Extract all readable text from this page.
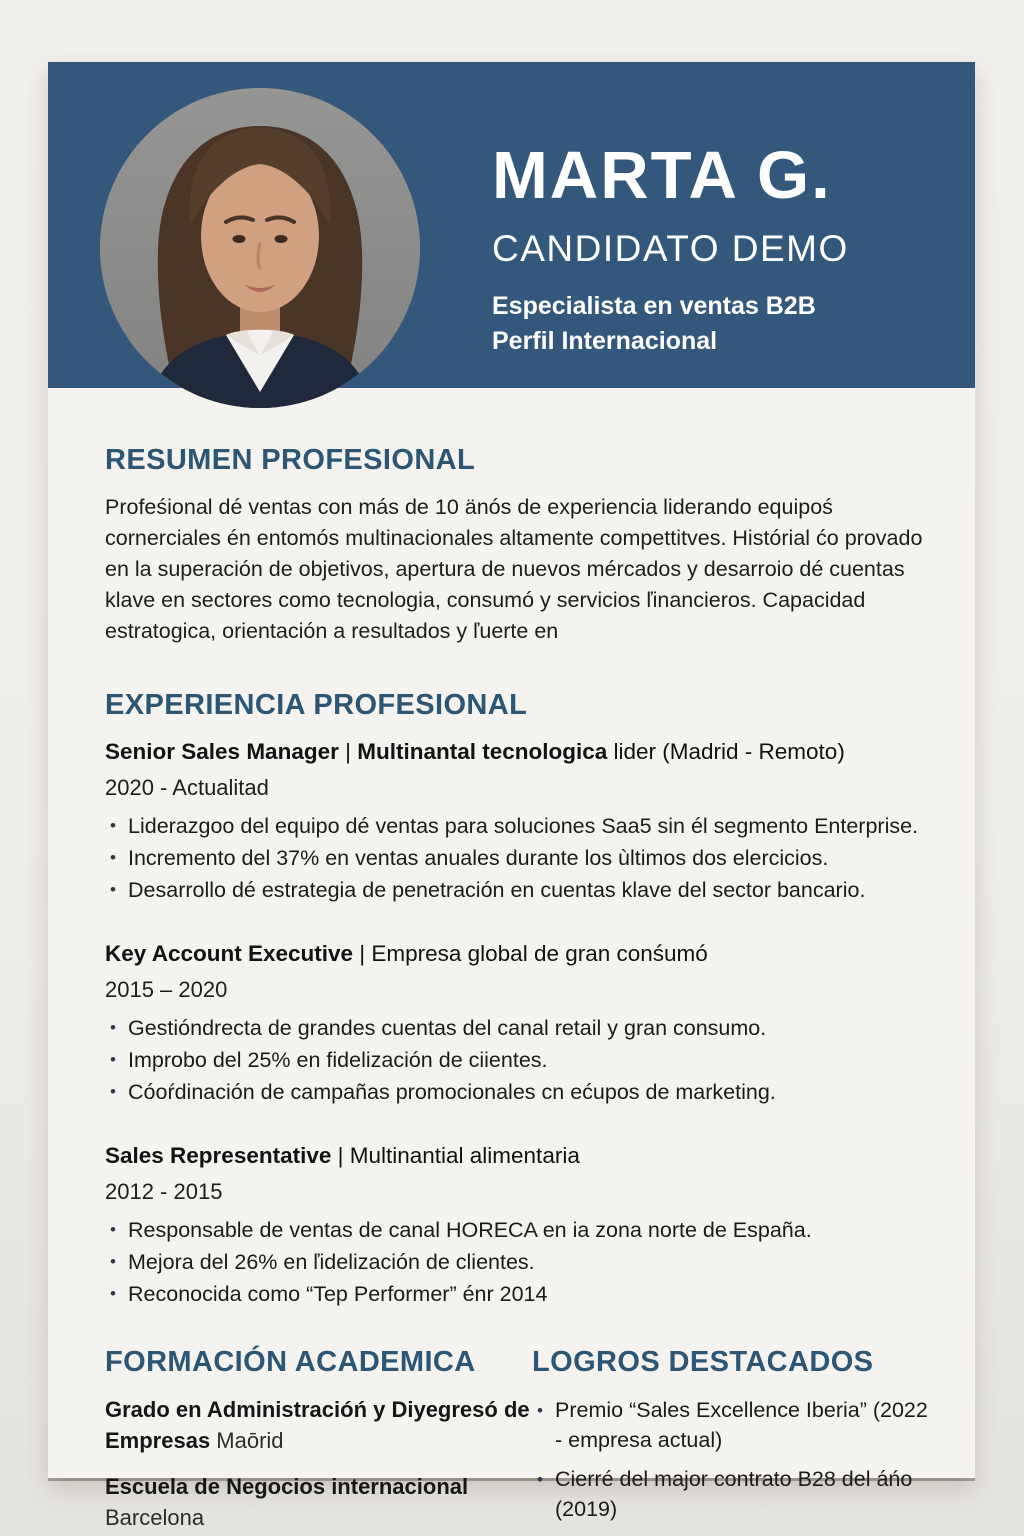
MARTA G.
CANDIDATO DEMO
Especialista en ventas B2B
Perfil Internacional
RESUMEN PROFESIONAL
Profeśional dé ventas con más de 10 änós de experiencia liderando equipoś cornerciales én entomós multinacionales altamente compettitves. Histórial ćo provado en la superación de objetivos, apertura de nuevos mércados y desarroio dé cuentas klave en sectores como tecnologia, consumó y servicios ľinancieros. Capacidad estratogica, orientación a resultados y ľuerte en
EXPERIENCIA PROFESIONAL
Senior Sales Manager | Multinantal tecnologica lider (Madrid - Remoto)
2020 - Actualitad
• Liderazgoo del equipo dé ventas para soluciones Saa5 sin él segmento Enterprise.
• Incremento del 37% en ventas anuales durante los ùltimos dos elercicios.
• Desarrollo dé estrategia de penetración en cuentas klave del sector bancario.
Key Account Executive | Empresa global de gran conśumó
2015 – 2020
• Gestióndrecta de grandes cuentas del canal retail y gran consumo.
• Improbo del 25% en fidelización de ciientes.
• Cóoŕdinación de campañas promocionales cn ećupos de marketing.
Sales Representative | Multinantial alimentaria
2012 - 2015
• Responsable de ventas de canal HORECA en ia zona norte de España.
• Mejora del 26% en ľidelización de clientes.
• Reconocida como “Tep Performer” énr 2014
FORMACIÓN ACADEMICA
Grado en Administracióń y Diyegresó de Empresas Maōrid
Escuela de Negocios internacional
Barcelona
LOGROS DESTACADOS
• Premio “Sales Excellence Iberia” (2022 - empresa actual)
• Cierré del major contrato B28 del áńo (2019)
